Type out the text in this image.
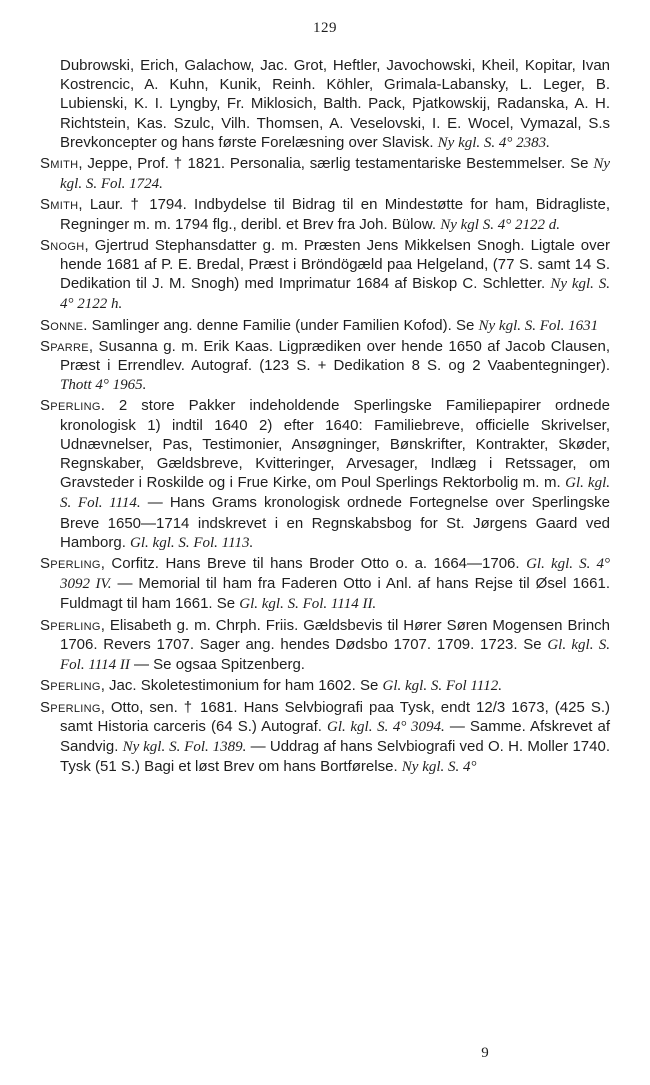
129

Dubrowski, Erich, Galachow, Jac. Grot, Heftler, Javochowski, Kheil, Kopitar, Ivan Kostrencic, A. Kuhn, Kunik, Reinh. Köhler, Grimala-Labansky, L. Leger, B. Lubienski, K. I. Lyngby, Fr. Miklosich, Balth. Pack, Pjatkowskij, Radanska, A. H. Richtstein, Kas. Szulc, Vilh. Thomsen, A. Veselovski, I. E. Wocel, Vymazal, S.s Brevkoncepter og hans første Forelæsning over Slavisk. Ny kgl. S. 4° 2383.

Smith, Jeppe, Prof. † 1821. Personalia, særlig testamentariske Bestemmelser. Se Ny kgl. S. Fol. 1724.

Smith, Laur. † 1794. Indbydelse til Bidrag til en Mindestøtte for ham, Bidragliste, Regninger m. m. 1794 flg., deribl. et Brev fra Joh. Bülow. Ny kgl S. 4° 2122 d.

Snogh, Gjertrud Stephansdatter g. m. Præsten Jens Mikkelsen Snogh. Ligtale over hende 1681 af P. E. Bredal, Præst i Bröndögæld paa Helgeland, (77 S. samt 14 S. Dedikation til J. M. Snogh) med Imprimatur 1684 af Biskop C. Schletter. Ny kgl. S. 4° 2122 h.

Sonne. Samlinger ang. denne Familie (under Familien Kofod). Se Ny kgl. S. Fol. 1631

Sparre, Susanna g. m. Erik Kaas. Ligprædiken over hende 1650 af Jacob Clausen, Præst i Errendlev. Autograf. (123 S. + Dedikation 8 S. og 2 Vaabentegninger). Thott 4° 1965.

Sperling. 2 store Pakker indeholdende Sperlingske Familiepapirer ordnede kronologisk 1) indtil 1640 2) efter 1640: Familiebreve, officielle Skrivelser, Udnævnelser, Pas, Testimonier, Ansøgninger, Bønskrifter, Kontrakter, Skøder, Regnskaber, Gældsbreve, Kvitteringer, Arvesager, Indlæg i Retssager, om Gravsteder i Roskilde og i Frue Kirke, om Poul Sperlings Rektorbolig m. m. Gl. kgl. S. Fol. 1114. — Hans Grams kronologisk ordnede Fortegnelse over Sperlingske Breve 1650—1714 indskrevet i en Regnskabsbog for St. Jørgens Gaard ved Hamborg. Gl. kgl. S. Fol. 1113.

Sperling, Corfitz. Hans Breve til hans Broder Otto o. a. 1664—1706. Gl. kgl. S. 4° 3092 IV. — Memorial til ham fra Faderen Otto i Anl. af hans Rejse til Øsel 1661. Fuldmagt til ham 1661. Se Gl. kgl. S. Fol. 1114 II.

Sperling, Elisabeth g. m. Chrph. Friis. Gældsbevis til Hører Søren Mogensen Brinch 1706. Revers 1707. Sager ang. hendes Dødsbo 1707. 1709. 1723. Se Gl. kgl. S. Fol. 1114 II — Se ogsaa Spitzenberg.

Sperling, Jac. Skoletestimonium for ham 1602. Se Gl. kgl. S. Fol 1112.

Sperling, Otto, sen. † 1681. Hans Selvbiografi paa Tysk, endt 12/3 1673, (425 S.) samt Historia carceris (64 S.) Autograf. Gl. kgl. S. 4° 3094. — Samme. Afskrevet af Sandvig. Ny kgl. S. Fol. 1389. — Uddrag af hans Selvbiografi ved O. H. Moller 1740. Tysk (51 S.) Bagi et løst Brev om hans Bortførelse. Ny kgl. S. 4°

9
